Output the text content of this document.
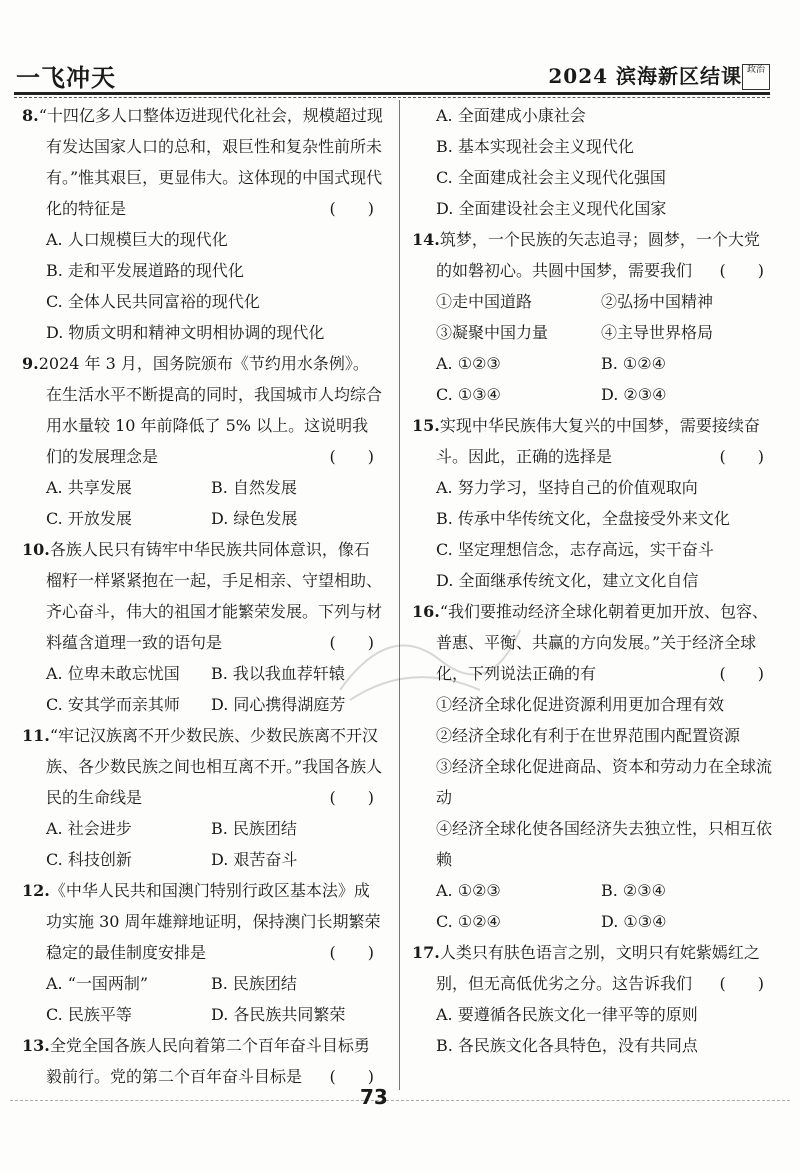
一飞冲天	2024 滨海新区结课 政治
8.“十四亿多人口整体迈进现代化社会，规模超过现有发达国家人口的总和，艰巨性和复杂性前所未有。”惟其艰巨，更显伟大。这体现的中国式现代化的特征是	(　　)
A. 人口规模巨大的现代化
B. 走和平发展道路的现代化
C. 全体人民共同富裕的现代化
D. 物质文明和精神文明相协调的现代化
9.2024 年 3 月，国务院颁布《节约用水条例》。在生活水平不断提高的同时，我国城市人均综合用水量较 10 年前降低了 5% 以上。这说明我们的发展理念是	(　　)
A. 共享发展	B. 自然发展
C. 开放发展	D. 绿色发展
10.各族人民只有铸牢中华民族共同体意识，像石榴籽一样紧紧抱在一起，手足相亲、守望相助、齐心奋斗，伟大的祖国才能繁荣发展。下列与材料蕴含道理一致的语句是	(　　)
A. 位卑未敢忘忧国	B. 我以我血荐轩辕
C. 安其学而亲其师	D. 同心携得湖庭芳
11.“牢记汉族离不开少数民族、少数民族离不开汉族、各少数民族之间也相互离不开。”我国各族人民的生命线是	(　　)
A. 社会进步	B. 民族团结
C. 科技创新	D. 艰苦奋斗
12.《中华人民共和国澳门特别行政区基本法》成功实施 30 周年雄辩地证明，保持澳门长期繁荣稳定的最佳制度安排是	(　　)
A. “一国两制”	B. 民族团结
C. 民族平等	D. 各民族共同繁荣
13.全党全国各族人民向着第二个百年奋斗目标勇毅前行。党的第二个百年奋斗目标是 (　　)
A. 全面建成小康社会
B. 基本实现社会主义现代化
C. 全面建成社会主义现代化强国
D. 全面建设社会主义现代化国家
14.筑梦，一个民族的矢志追寻；圆梦，一个大党的如磐初心。共圆中国梦，需要我们 (　　)
①走中国道路	②弘扬中国精神
③凝聚中国力量	④主导世界格局
A. ①②③	B. ①②④
C. ①③④	D. ②③④
15.实现中华民族伟大复兴的中国梦，需要接续奋斗。因此，正确的选择是	(　　)
A. 努力学习，坚持自己的价值观取向
B. 传承中华传统文化，全盘接受外来文化
C. 坚定理想信念，志存高远，实干奋斗
D. 全面继承传统文化，建立文化自信
16.“我们要推动经济全球化朝着更加开放、包容、普惠、平衡、共赢的方向发展。”关于经济全球化，下列说法正确的有	(　　)
①经济全球化促进资源利用更加合理有效
②经济全球化有利于在世界范围内配置资源
③经济全球化促进商品、资本和劳动力在全球流动
④经济全球化使各国经济失去独立性，只相互依赖
A. ①②③	B. ②③④
C. ①②④	D. ①③④
17.人类只有肤色语言之别，文明只有姹紫嫣红之别，但无高低优劣之分。这告诉我们 (　　)
A. 要遵循各民族文化一律平等的原则
B. 各民族文化各具特色，没有共同点
73
